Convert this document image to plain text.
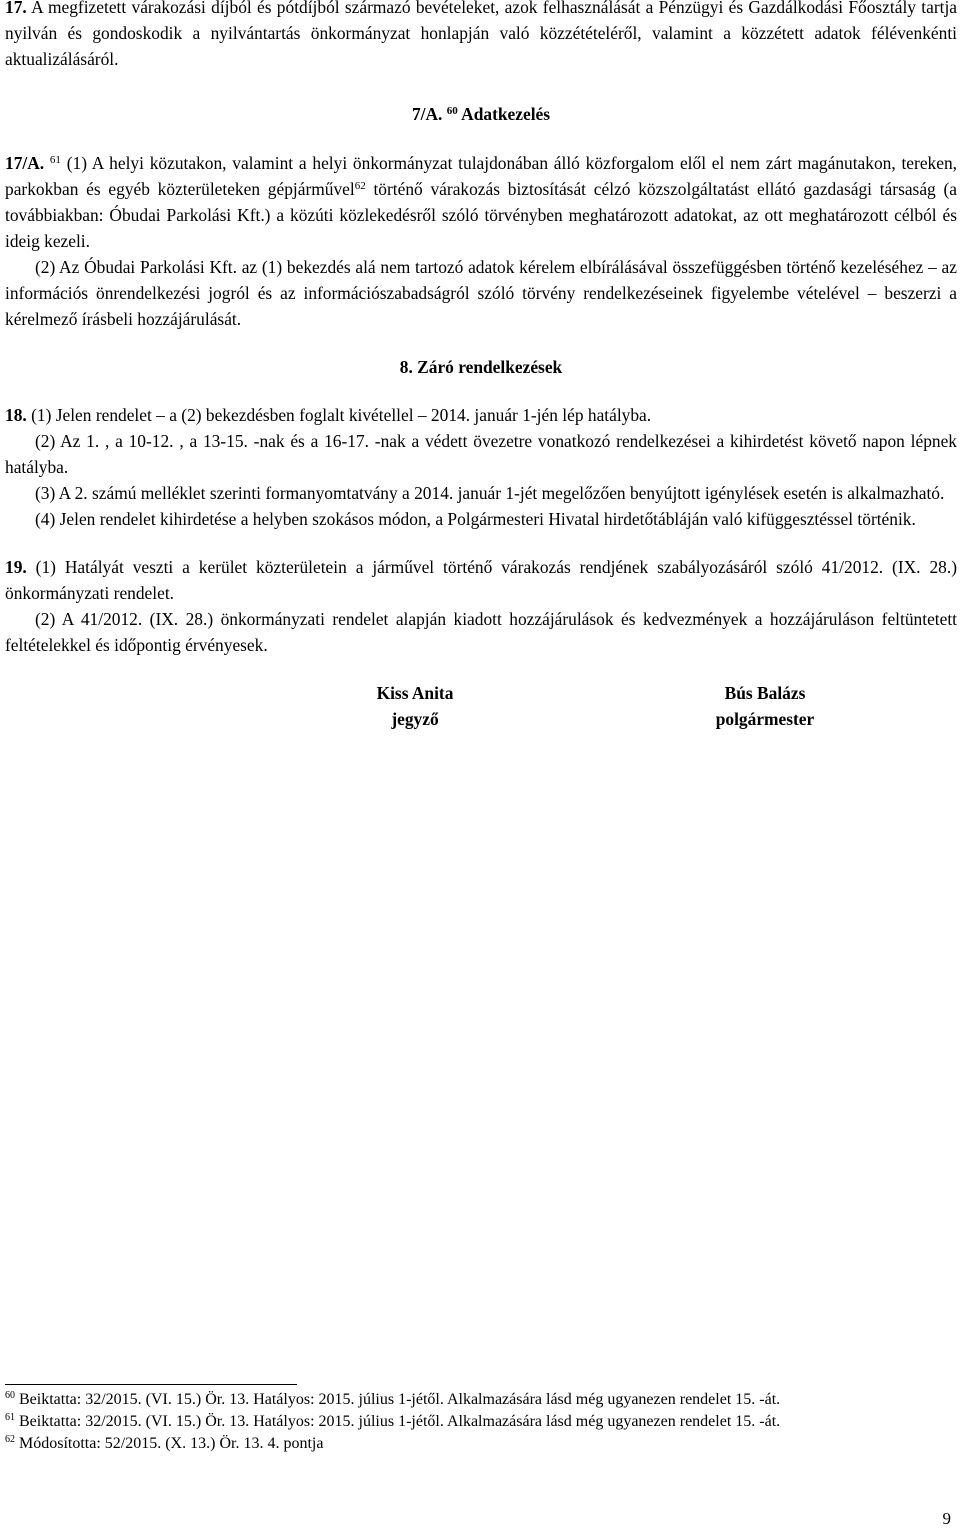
17. A megfizetett várakozási díjból és pótdíjból származó bevételeket, azok felhasználását a Pénzügyi és Gazdálkodási Főosztály tartja nyilván és gondoskodik a nyilvántartás önkormányzat honlapján való közzétételéről, valamint a közzétett adatok félévenkénti aktualizálásáról.

7/A. $^{60}$ Adatkezelés

17/A. $^{61}$ (1) A helyi közutakon, valamint a helyi önkormányzat tulajdonában álló közforgalom elől el nem zárt magánutakon, tereken, parkokban és egyéb közterületeken gépjárművel$^{62}$ történő várakozás biztosítását célzó közszolgáltatást ellátó gazdasági társaság (a továbbiakban: Óbudai Parkolási Kft.) a közúti közlekedésről szóló törvényben meghatározott adatokat, az ott meghatározott célból és ideig kezeli.

(2) Az Óbudai Parkolási Kft. az (1) bekezdés alá nem tartozó adatok kérelem elbírálásával összefüggésben történő kezeléséhez ‒ az információs önrendelkezési jogról és az információszabadságról szóló törvény rendelkezéseinek figyelembe vételével ‒ beszerzi a kérelmező írásbeli hozzájárulását.

8. Záró rendelkezések

18. (1) Jelen rendelet ‒ a (2) bekezdésben foglalt kivétellel ‒ 2014. január 1-jén lép hatályba.

(2) Az 1. , a 10-12. , a 13-15. -nak és a 16-17. -nak a védett övezetre vonatkozó rendelkezései a kihirdetést követő napon lépnek hatályba.

(3) A 2. számú melléklet szerinti formanyomtatvány a 2014. január 1-jét megelőzően benyújtott igénylések esetén is alkalmazható.

(4) Jelen rendelet kihirdetése a helyben szokásos módon, a Polgármesteri Hivatal hirdetőtábláján való kifüggesztéssel történik.

19. (1) Hatályát veszti a kerület közterületein a járművel történő várakozás rendjének szabályozásáról szóló 41/2012. (IX. 28.) önkormányzati rendelet.

(2) A 41/2012. (IX. 28.) önkormányzati rendelet alapján kiadott hozzájárulások és kedvezmények a hozzájáruláson feltüntetett feltételekkel és időpontig érvényesek.

Kiss Anita
jegyző
Bús Balázs
polgármester

$^{60}$ Beiktatta: 32/2015. (VI. 15.) Ör. 13. Hatályos: 2015. július 1-jétől. Alkalmazására lásd még ugyanezen rendelet 15. -át.

$^{61}$ Beiktatta: 32/2015. (VI. 15.) Ör. 13. Hatályos: 2015. július 1-jétől. Alkalmazására lásd még ugyanezen rendelet 15. -át.

$^{62}$ Módosította: 52/2015. (X. 13.) Ör. 13. 4. pontja

9
